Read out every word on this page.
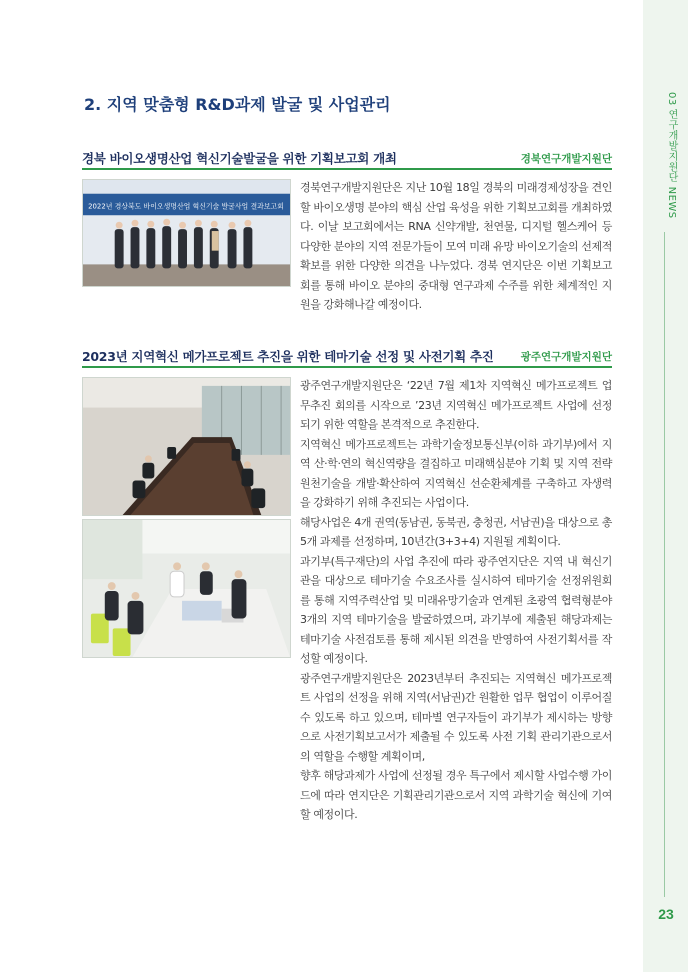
03 연구개발지원단 NEWS
23
2. 지역 맞춤형 R&D과제 발굴 및 사업관리
경북 바이오생명산업 혁신기술발굴을 위한 기획보고회 개최	경북연구개발지원단
2022년 경상북도 바이오생명산업 혁신기술 발굴사업 결과보고회

경북연구개발지원단은 지난 10월 18일 경북의 미래경제성장을 견인할 바이오생명 분야의 핵심 산업 육성을 위한 기획보고회를 개최하였다. 이날 보고회에서는 RNA 신약개발, 천연물, 디지털 헬스케어 등 다양한 분야의 지역 전문가들이 모여 미래 유망 바이오기술의 선제적 확보를 위한 다양한 의견을 나누었다. 경북 연지단은 이번 기획보고회를 통해 바이오 분야의 중대형 연구과제 수주를 위한 체계적인 지원을 강화해나갈 예정이다.

2023년 지역혁신 메가프로젝트 추진을 위한 테마기술 선정 및 사전기획 추진	광주연구개발지원단

광주연구개발지원단은 ‘22년 7월 제1차 지역혁신 메가프로젝트 업무추진 회의를 시작으로 ’23년 지역혁신 메가프로젝트 사업에 선정되기 위한 역할을 본격적으로 추진한다.

지역혁신 메가프로젝트는 과학기술정보통신부(이하 과기부)에서 지역 산·학·연의 혁신역량을 결집하고 미래핵심분야 기획 및 지역 전략 원천기술을 개발·확산하여 지역혁신 선순환체계를 구축하고 자생력을 강화하기 위해 추진되는 사업이다.

해당사업은 4개 권역(동남권, 동북권, 충청권, 서남권)을 대상으로 총 5개 과제를 선정하며, 10년간(3+3+4) 지원될 계획이다.

과기부(특구재단)의 사업 추진에 따라 광주연지단은 지역 내 혁신기관을 대상으로 테마기술 수요조사를 실시하여 테마기술 선정위원회를 통해 지역주력산업 및 미래유망기술과 연계된 초광역 협력형분야 3개의 지역 테마기술을 발굴하였으며, 과기부에 제출된 해당과제는 테마기술 사전검토를 통해 제시된 의견을 반영하여 사전기획서를 작성할 예정이다.

광주연구개발지원단은 2023년부터 추진되는 지역혁신 메가프로젝트 사업의 선정을 위해 지역(서남권)간 원활한 업무 협업이 이루어질 수 있도록 하고 있으며, 테마별 연구자들이 과기부가 제시하는 방향으로 사전기획보고서가 제출될 수 있도록 사전 기획 관리기관으로서의 역할을 수행할 계획이며,

향후 해당과제가 사업에 선정될 경우 특구에서 제시할 사업수행 가이드에 따라 연지단은 기획관리기관으로서 지역 과학기술 혁신에 기여할 예정이다.
